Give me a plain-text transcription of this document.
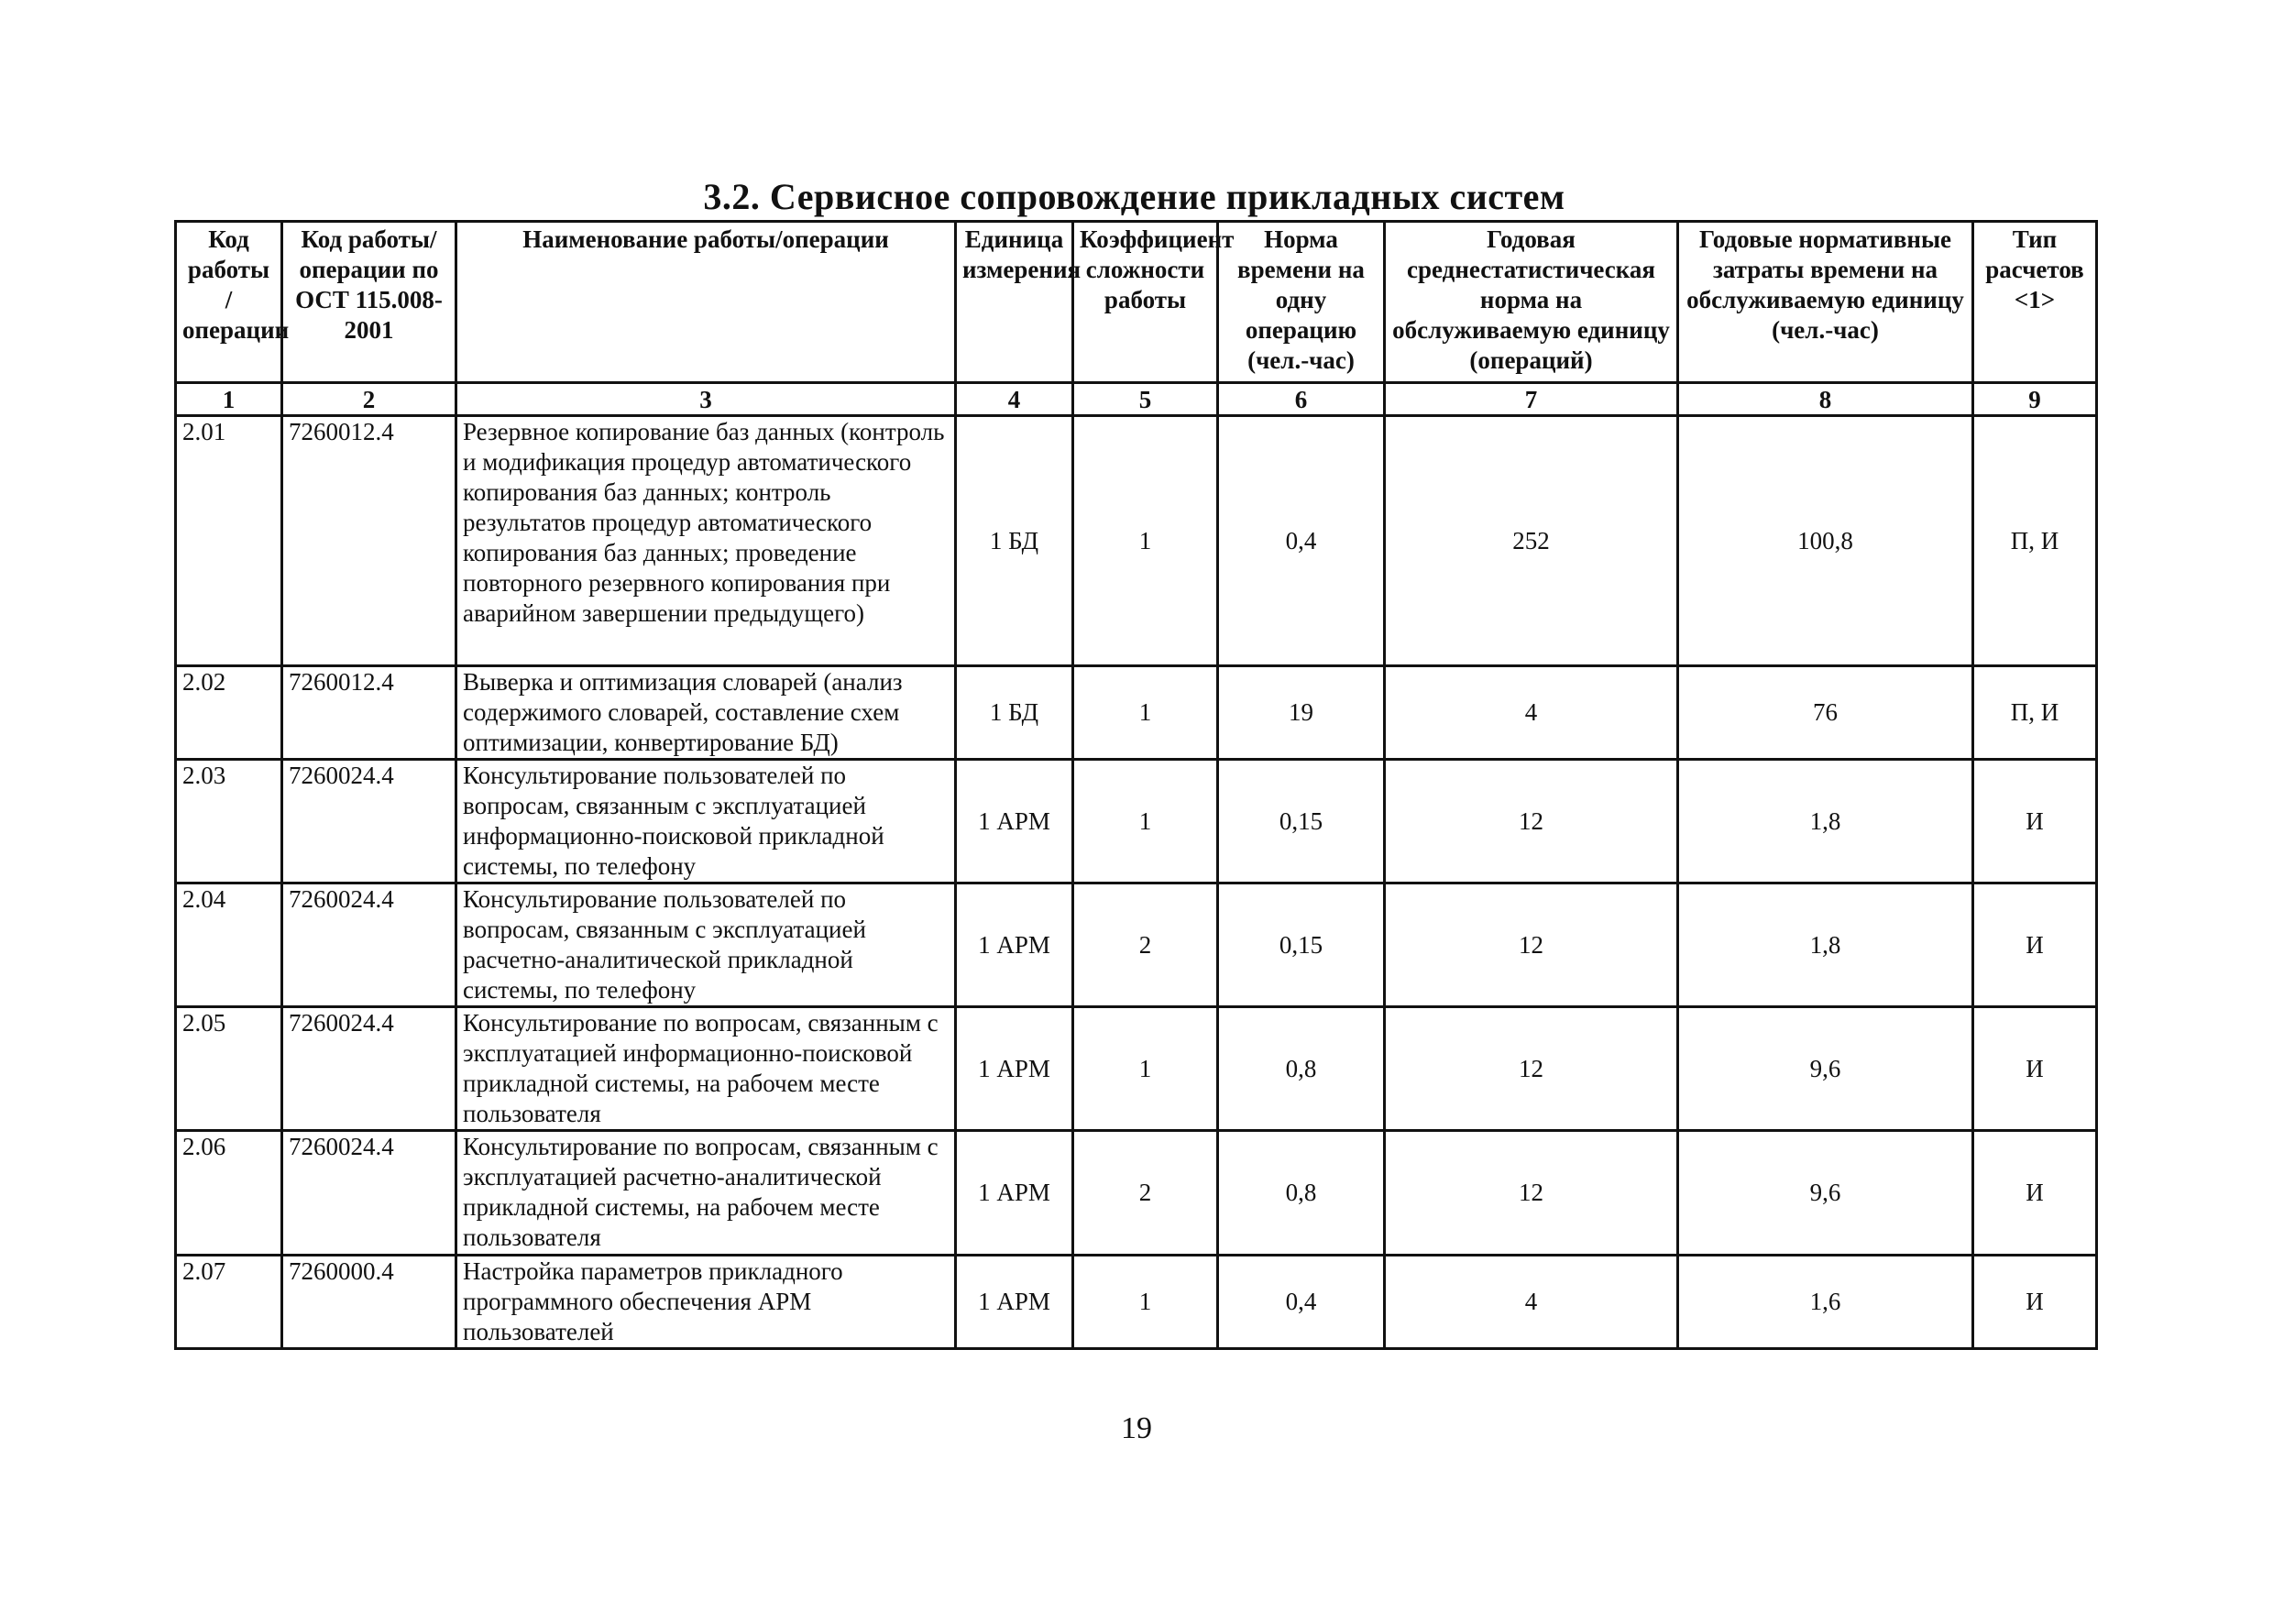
3.2. Сервисное сопровождение прикладных систем
Код работы /операции	Код работы/операции по ОСТ 115.008-2001	Наименование работы/операции	Единица измерения	Коэффициент сложности работы	Норма времени на одну операцию (чел.-час)	Годовая среднестатистическая норма на обслуживаемую единицу (операций)	Годовые нормативные затраты времени на обслуживаемую единицу (чел.-час)	Тип расчетов <1>
1	2	3	4	5	6	7	8	9
2.01	7260012.4	Резервное копирование баз данных (контроль и модификация процедур автоматического копирования баз данных; контроль результатов процедур автоматического копирования баз данных; проведение повторного резервного копирования при аварийном завершении предыдущего)	1 БД	1	0,4	252	100,8	П, И
2.02	7260012.4	Выверка и оптимизация словарей (анализ содержимого словарей, составление схем оптимизации, конвертирование БД)	1 БД	1	19	4	76	П, И
2.03	7260024.4	Консультирование пользователей по вопросам, связанным с эксплуатацией информационно-поисковой прикладной системы, по телефону	1 АРМ	1	0,15	12	1,8	И
2.04	7260024.4	Консультирование пользователей по вопросам, связанным с эксплуатацией расчетно-аналитической прикладной системы, по телефону	1 АРМ	2	0,15	12	1,8	И
2.05	7260024.4	Консультирование по вопросам, связанным с эксплуатацией информационно-поисковой прикладной системы, на рабочем месте пользователя	1 АРМ	1	0,8	12	9,6	И
2.06	7260024.4	Консультирование по вопросам, связанным с эксплуатацией расчетно-аналитической прикладной системы, на рабочем месте пользователя	1 АРМ	2	0,8	12	9,6	И
2.07	7260000.4	Настройка параметров прикладного программного обеспечения АРМ пользователей	1 АРМ	1	0,4	4	1,6	И
19
